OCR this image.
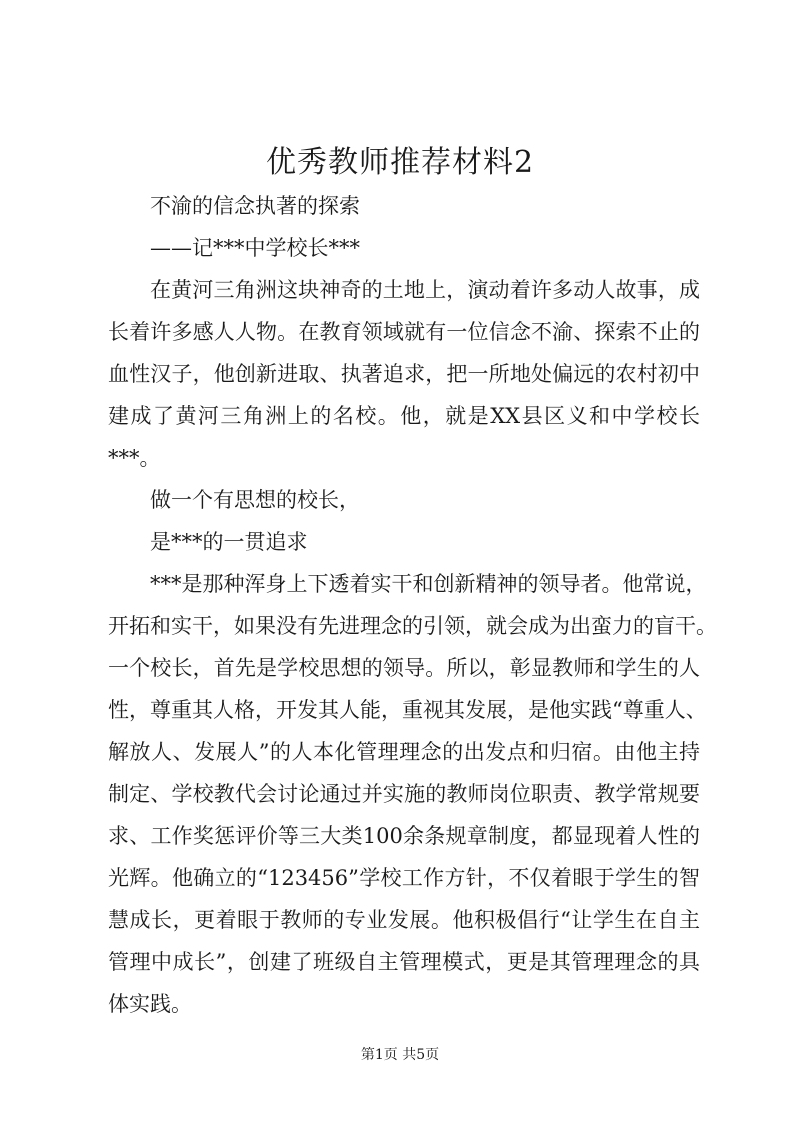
优秀教师推荐材料2
不渝的信念执著的探索
——记***中学校长***
在黄河三角洲这块神奇的土地上，演动着许多动人故事，成
长着许多感人人物。在教育领域就有一位信念不渝、探索不止的
血性汉子，他创新进取、执著追求，把一所地处偏远的农村初中
建成了黄河三角洲上的名校。他，就是XX县区义和中学校长
***。
做一个有思想的校长，
是***的一贯追求
***是那种浑身上下透着实干和创新精神的领导者。他常说，
开拓和实干，如果没有先进理念的引领，就会成为出蛮力的盲干。
一个校长，首先是学校思想的领导。所以，彰显教师和学生的人
性，尊重其人格，开发其人能，重视其发展，是他实践“尊重人、
解放人、发展人”的人本化管理理念的出发点和归宿。由他主持
制定、学校教代会讨论通过并实施的教师岗位职责、教学常规要
求、工作奖惩评价等三大类100余条规章制度，都显现着人性的
光辉。他确立的“123456”学校工作方针，不仅着眼于学生的智
慧成长，更着眼于教师的专业发展。他积极倡行“让学生在自主
管理中成长”，创建了班级自主管理模式，更是其管理理念的具
体实践。
第1页 共5页
